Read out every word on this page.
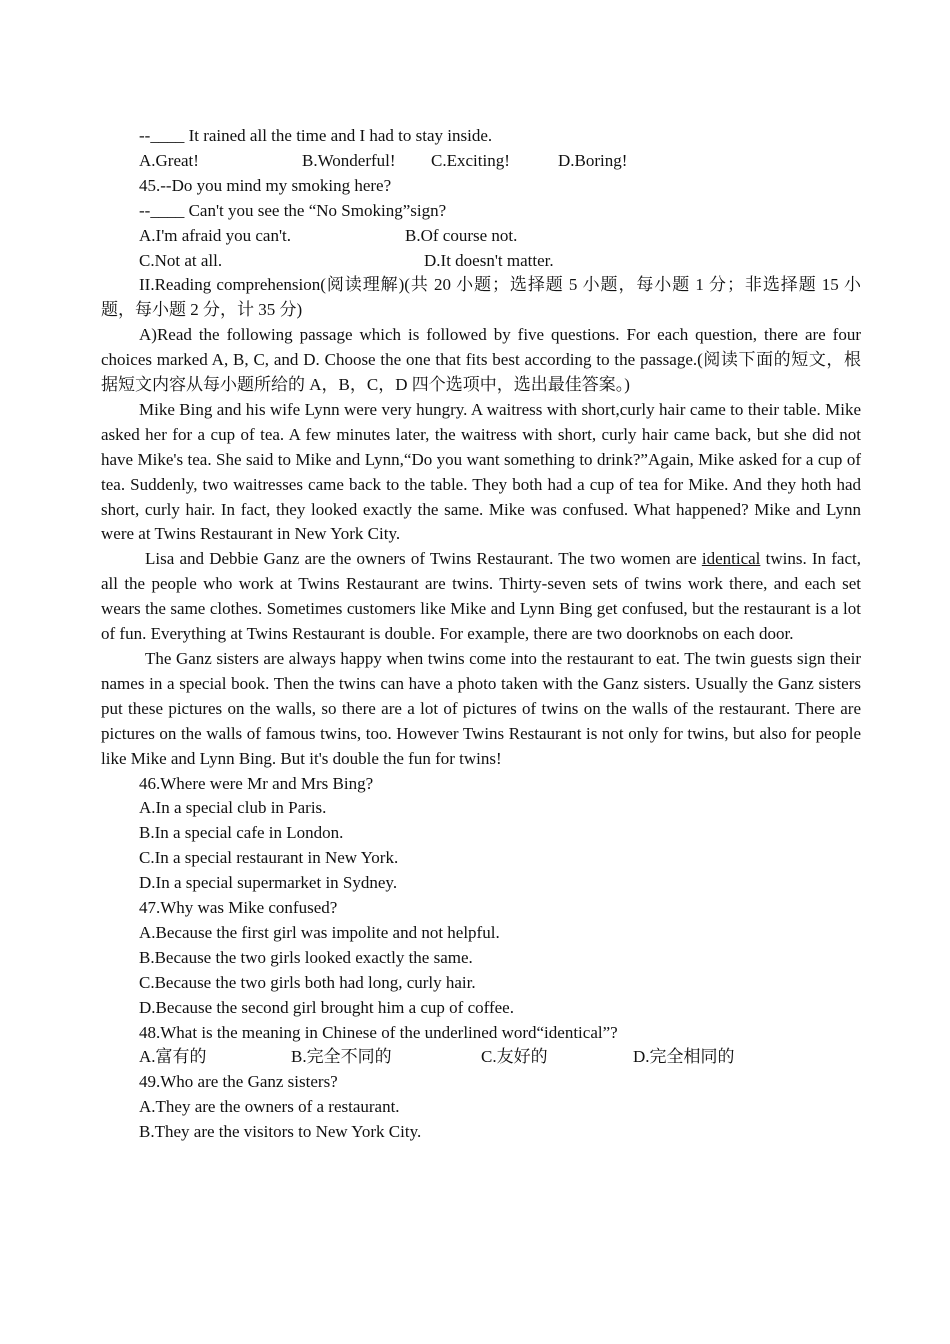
--____ It rained all the time and I had to stay inside.
A.Great!	B.Wonderful! C.Exciting!	D.Boring!
45.--Do you mind my smoking here?
--____ Can't you see the “No Smoking”sign?
A.I'm afraid you can't.	B.Of course not.
C.Not at all.	D.It doesn't matter.
II.Reading comprehension(阅读理解)(共 20 小题；选择题 5 小题，每小题 1 分；非选择题 15 小题，每小题 2 分，计 35 分)
A)Read the following passage which is followed by five questions. For each question, there are four choices marked A, B, C, and D. Choose the one that fits best according to the passage.(阅读下面的短文，根据短文内容从每小题所给的 A，B，C，D 四个选项中，选出最佳答案。)
Mike Bing and his wife Lynn were very hungry. A waitress with short,curly hair came to their table. Mike asked her for a cup of tea. A few minutes later, the waitress with short, curly hair came back, but she did not have Mike's tea. She said to Mike and Lynn,“Do you want something to drink?”Again, Mike asked for a cup of tea. Suddenly, two waitresses came back to the table. They both had a cup of tea for Mike. And they hoth had short, curly hair. In fact, they looked exactly the same. Mike was confused. What happened? Mike and Lynn were at Twins Restaurant in New York City.
Lisa and Debbie Ganz are the owners of Twins Restaurant. The two women are identical twins. In fact, all the people who work at Twins Restaurant are twins. Thirty-seven sets of twins work there, and each set wears the same clothes. Sometimes customers like Mike and Lynn Bing get confused, but the restaurant is a lot of fun. Everything at Twins Restaurant is double. For example, there are two doorknobs on each door.
The Ganz sisters are always happy when twins come into the restaurant to eat. The twin guests sign their names in a special book. Then the twins can have a photo taken with the Ganz sisters. Usually the Ganz sisters put these pictures on the walls, so there are a lot of pictures of twins on the walls of the restaurant. There are pictures on the walls of famous twins, too. However Twins Restaurant is not only for twins, but also for people like Mike and Lynn Bing. But it's double the fun for twins!
46.Where were Mr and Mrs Bing?
A.In a special club in Paris.
B.In a special cafe in London.
C.In a special restaurant in New York.
D.In a special supermarket in Sydney.
47.Why was Mike confused?
A.Because the first girl was impolite and not helpful.
B.Because the two girls looked exactly the same.
C.Because the two girls both had long, curly hair.
D.Because the second girl brought him a cup of coffee.
48.What is the meaning in Chinese of the underlined word“identical”?
A.富有的	B.完全不同的	C.友好的	D.完全相同的
49.Who are the Ganz sisters?
A.They are the owners of a restaurant.
B.They are the visitors to New York City.
